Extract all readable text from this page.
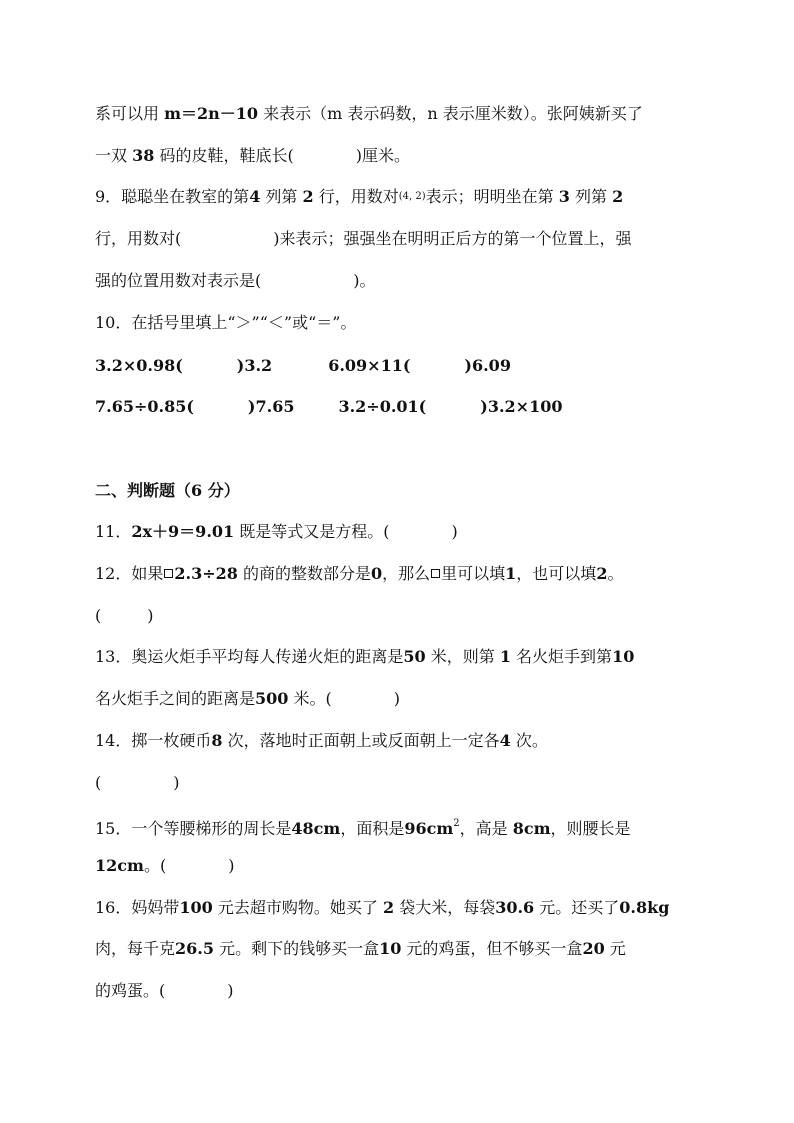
系可以用 m＝2n－10 来表示（m 表示码数，n 表示厘米数）。张阿姨新买了
一双 38 码的皮鞋，鞋底长(	)厘米。
9．聪聪坐在教室的第4 列第 2 行，用数对(4, 2)表示；明明坐在第 3 列第 2
行，用数对(	)来表示；强强坐在明明正后方的第一个位置上，强
强的位置用数对表示是(	)。
10．在括号里填上“＞”“＜”或“＝”。
3.2×0.98(	)3.2	6.09×11(	)6.09
7.65÷0.85(	)7.65	3.2÷0.01(	)3.2×100
二、判断题（6 分）
11．2x＋9＝9.01 既是等式又是方程。(	)
12．如果 2.3÷28 的商的整数部分是0，那么 里可以填1，也可以填2。
(	)
13．奥运火炬手平均每人传递火炬的距离是50 米，则第 1 名火炬手到第10
名火炬手之间的距离是500 米。(	)
14．掷一枚硬币8 次，落地时正面朝上或反面朝上一定各4 次。
(	)
15．一个等腰梯形的周长是48cm，面积是$96cm^2$，高是 8cm，则腰长是
12cm。(	)
16．妈妈带100 元去超市购物。她买了 2 袋大米，每袋30.6 元。还买了0.8kg
肉，每千克26.5 元。剩下的钱够买一盒10 元的鸡蛋，但不够买一盒20 元
的鸡蛋。(	)
